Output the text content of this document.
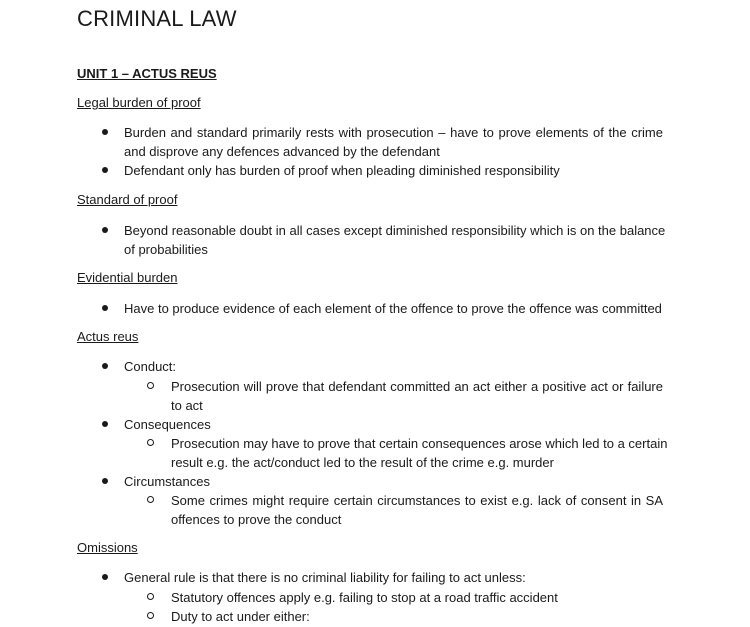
CRIMINAL LAW
UNIT 1 – ACTUS REUS
Legal burden of proof
Burden and standard primarily rests with prosecution – have to prove elements of the crime
and disprove any defences advanced by the defendant
Defendant only has burden of proof when pleading diminished responsibility
Standard of proof
Beyond reasonable doubt in all cases except diminished responsibility which is on the balance
of probabilities
Evidential burden
Have to produce evidence of each element of the offence to prove the offence was committed
Actus reus
Conduct:
Prosecution will prove that defendant committed an act either a positive act or failure
to act
Consequences
Prosecution may have to prove that certain consequences arose which led to a certain
result e.g. the act/conduct led to the result of the crime e.g. murder
Circumstances
Some crimes might require certain circumstances to exist e.g. lack of consent in SA
offences to prove the conduct
Omissions
General rule is that there is no criminal liability for failing to act unless:
Statutory offences apply e.g. failing to stop at a road traffic accident
Duty to act under either:
